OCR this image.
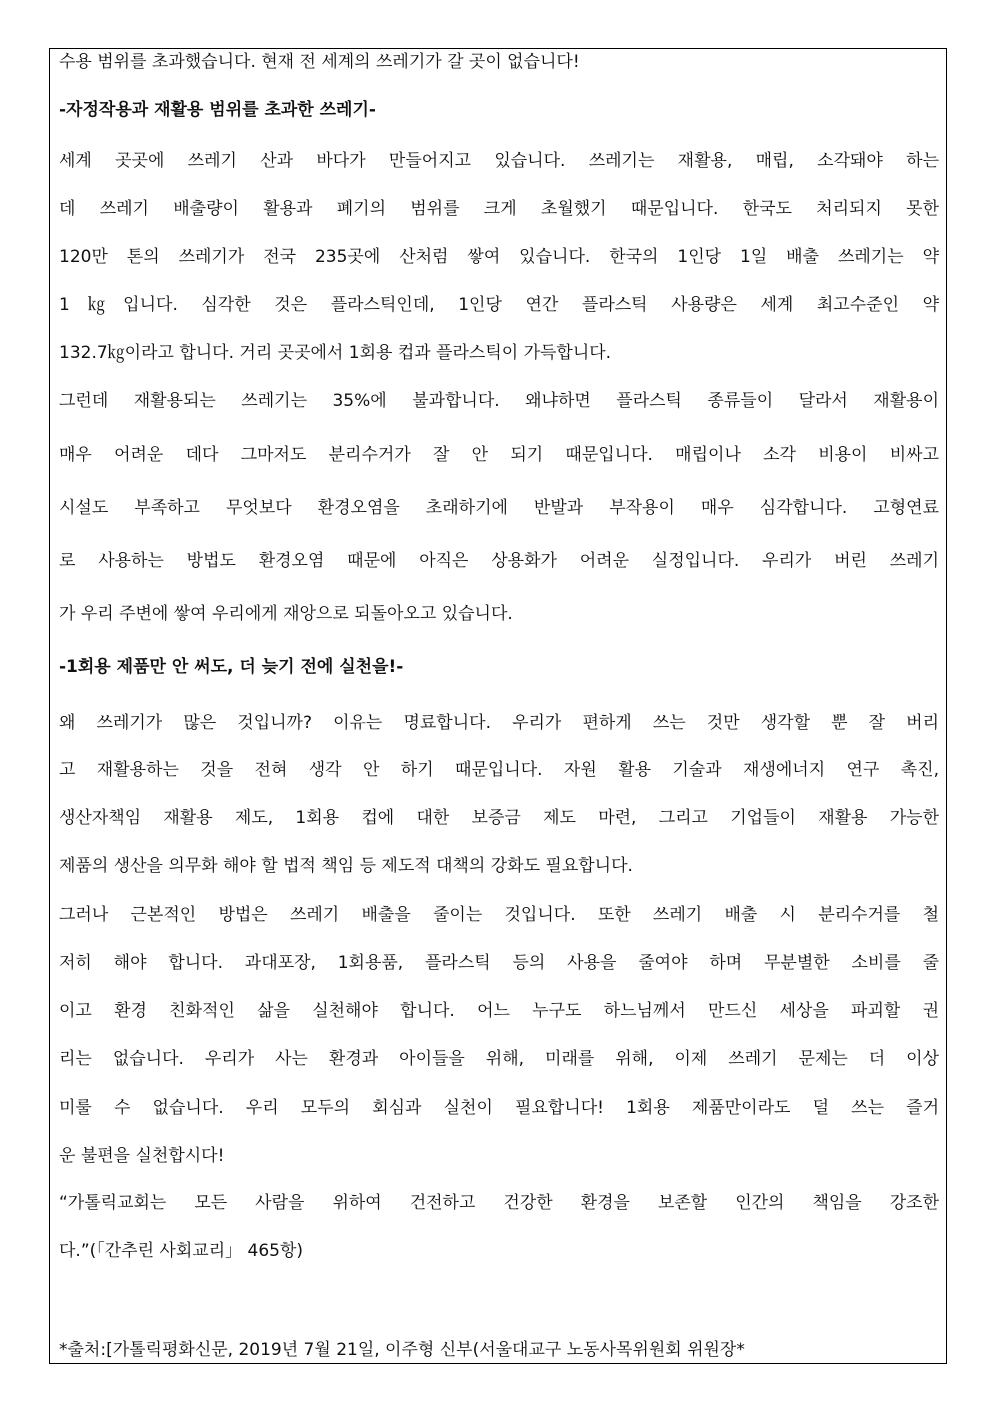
수용 범위를 초과했습니다. 현재 전 세계의 쓰레기가 갈 곳이 없습니다!
-자정작용과 재활용 범위를 초과한 쓰레기-
세계 곳곳에 쓰레기 산과 바다가 만들어지고 있습니다. 쓰레기는 재활용, 매립, 소각돼야 하는
데 쓰레기 배출량이 활용과 폐기의 범위를 크게 초월했기 때문입니다. 한국도 처리되지 못한
120만 톤의 쓰레기가 전국 235곳에 산처럼 쌓여 있습니다. 한국의 1인당 1일 배출 쓰레기는 약
1㎏입니다. 심각한 것은 플라스틱인데, 1인당 연간 플라스틱 사용량은 세계 최고수준인 약
132.7㎏이라고 합니다. 거리 곳곳에서 1회용 컵과 플라스틱이 가득합니다.
그런데 재활용되는 쓰레기는 35%에 불과합니다. 왜냐하면 플라스틱 종류들이 달라서 재활용이
매우 어려운 데다 그마저도 분리수거가 잘 안 되기 때문입니다. 매립이나 소각 비용이 비싸고
시설도 부족하고 무엇보다 환경오염을 초래하기에 반발과 부작용이 매우 심각합니다. 고형연료
로 사용하는 방법도 환경오염 때문에 아직은 상용화가 어려운 실정입니다. 우리가 버린 쓰레기
가 우리 주변에 쌓여 우리에게 재앙으로 되돌아오고 있습니다.
-1회용 제품만 안 써도, 더 늦기 전에 실천을!-
왜 쓰레기가 많은 것입니까? 이유는 명료합니다. 우리가 편하게 쓰는 것만 생각할 뿐 잘 버리
고 재활용하는 것을 전혀 생각 안 하기 때문입니다. 자원 활용 기술과 재생에너지 연구 촉진,
생산자책임 재활용 제도, 1회용 컵에 대한 보증금 제도 마련, 그리고 기업들이 재활용 가능한
제품의 생산을 의무화 해야 할 법적 책임 등 제도적 대책의 강화도 필요합니다.
그러나 근본적인 방법은 쓰레기 배출을 줄이는 것입니다. 또한 쓰레기 배출 시 분리수거를 철
저히 해야 합니다. 과대포장, 1회용품, 플라스틱 등의 사용을 줄여야 하며 무분별한 소비를 줄
이고 환경 친화적인 삶을 실천해야 합니다. 어느 누구도 하느님께서 만드신 세상을 파괴할 권
리는 없습니다. 우리가 사는 환경과 아이들을 위해, 미래를 위해, 이제 쓰레기 문제는 더 이상
미룰 수 없습니다. 우리 모두의 회심과 실천이 필요합니다! 1회용 제품만이라도 덜 쓰는 즐거
운 불편을 실천합시다!
“가톨릭교회는 모든 사람을 위하여 건전하고 건강한 환경을 보존할 인간의 책임을 강조한
다.”(「간추린 사회교리」 465항)
*출처:[가톨릭평화신문, 2019년 7월 21일, 이주형 신부(서울대교구 노동사목위원회 위원장*
